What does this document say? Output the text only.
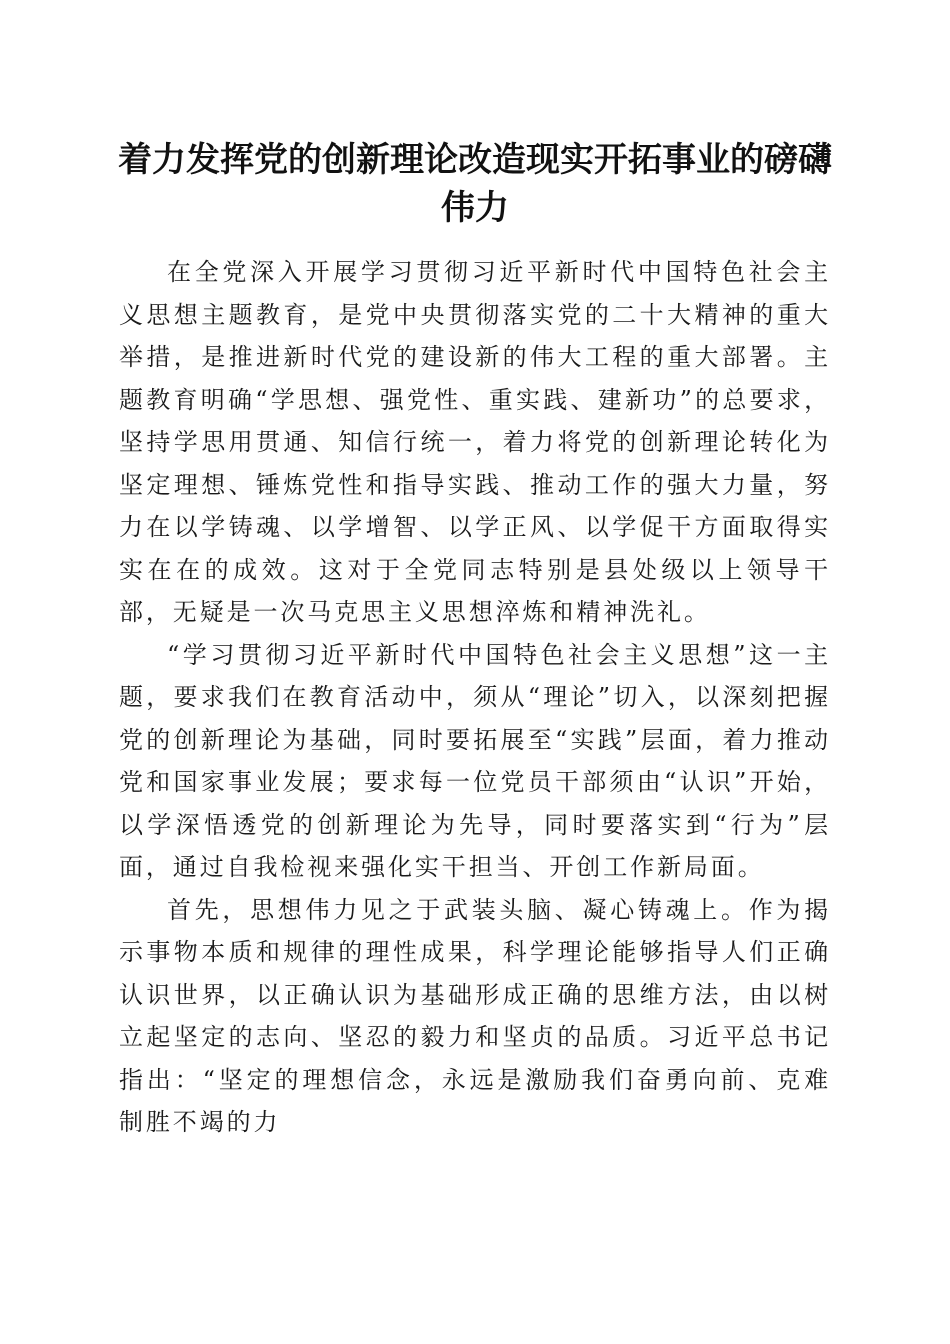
着力发挥党的创新理论改造现实开拓事业的磅礴伟力

在全党深入开展学习贯彻习近平新时代中国特色社会主义思想主题教育，是党中央贯彻落实党的二十大精神的重大举措，是推进新时代党的建设新的伟大工程的重大部署。主题教育明确“学思想、强党性、重实践、建新功”的总要求，坚持学思用贯通、知信行统一，着力将党的创新理论转化为坚定理想、锤炼党性和指导实践、推动工作的强大力量，努力在以学铸魂、以学增智、以学正风、以学促干方面取得实实在在的成效。这对于全党同志特别是县处级以上领导干部，无疑是一次马克思主义思想淬炼和精神洗礼。

“学习贯彻习近平新时代中国特色社会主义思想”这一主题，要求我们在教育活动中，须从“理论”切入，以深刻把握党的创新理论为基础，同时要拓展至“实践”层面，着力推动党和国家事业发展；要求每一位党员干部须由“认识”开始，以学深悟透党的创新理论为先导，同时要落实到“行为”层面，通过自我检视来强化实干担当、开创工作新局面。

首先，思想伟力见之于武装头脑、凝心铸魂上。作为揭示事物本质和规律的理性成果，科学理论能够指导人们正确认识世界，以正确认识为基础形成正确的思维方法，由以树立起坚定的志向、坚忍的毅力和坚贞的品质。习近平总书记指出：“坚定的理想信念，永远是激励我们奋勇向前、克难制胜不竭的力
